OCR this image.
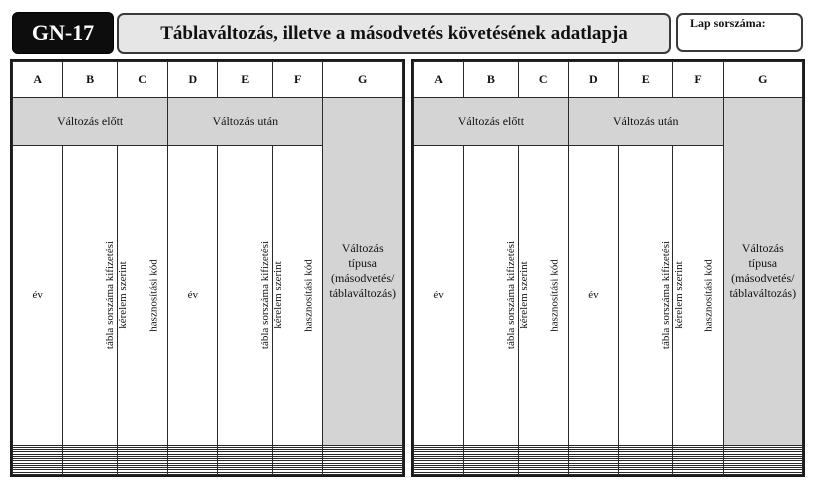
GN-17	Táblaváltozás, illetve a másodvetés követésének adatlapja	Lap sorszáma:
A	B	C	D	E	F	G
Változás előtt			Változás után			Változás
típusa
(másodvetés/
táblaváltozás)
év	tábla sorszáma kifizetési kérelem szerint	hasznosítási kód	év	tábla sorszáma kifizetési kérelem szerint	hasznosítási kód	

A	B	C	D	E	F	G
Változás előtt			Változás után			Változás
típusa
(másodvetés/
táblaváltozás)
év	tábla sorszáma kifizetési kérelem szerint	hasznosítási kód	év	tábla sorszáma kifizetési kérelem szerint	hasznosítási kód	
